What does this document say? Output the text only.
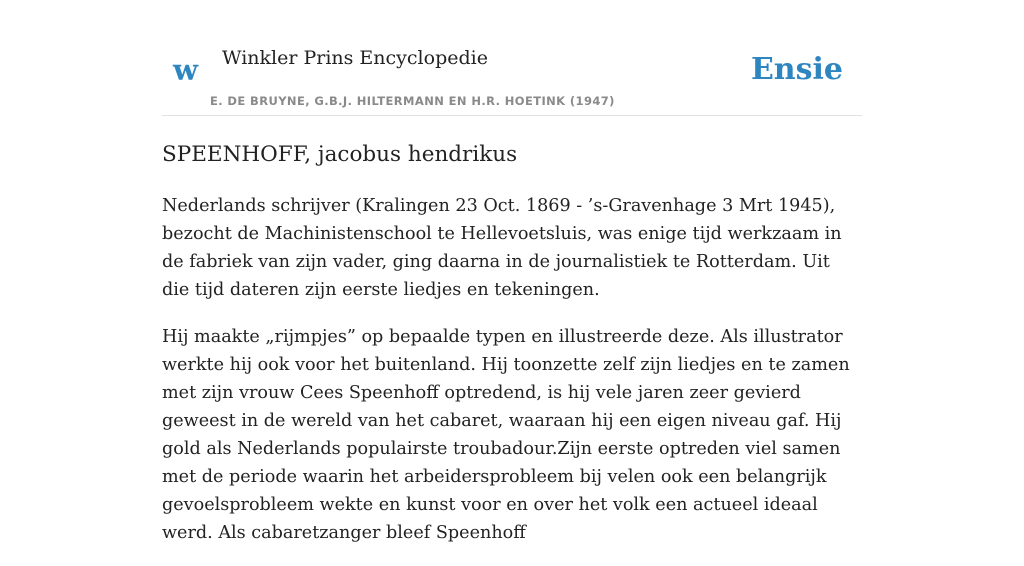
w Winkler Prins Encyclopedie
E. DE BRUYNE, G.B.J. HILTERMANN EN H.R. HOETINK (1947)
Ensie
SPEENHOFF, jacobus hendrikus

Nederlands schrijver (Kralingen 23 Oct. 1869 - ’s-Gravenhage 3 Mrt 1945), bezocht de Machinistenschool te Hellevoetsluis, was enige tijd werkzaam in de fabriek van zijn vader, ging daarna in de journalistiek te Rotterdam. Uit die tijd dateren zijn eerste liedjes en tekeningen.

Hij maakte „rijmpjes” op bepaalde typen en illustreerde deze. Als illustrator werkte hij ook voor het buitenland. Hij toonzette zelf zijn liedjes en te zamen met zijn vrouw Cees Speenhoff optredend, is hij vele jaren zeer gevierd geweest in de wereld van het cabaret, waaraan hij een eigen niveau gaf. Hij gold als Nederlands populairste troubadour.Zijn eerste optreden viel samen met de periode waarin het arbeidersprobleem bij velen ook een belangrijk gevoelsprobleem wekte en kunst voor en over het volk een actueel ideaal werd. Als cabaretzanger bleef Speenhoff
